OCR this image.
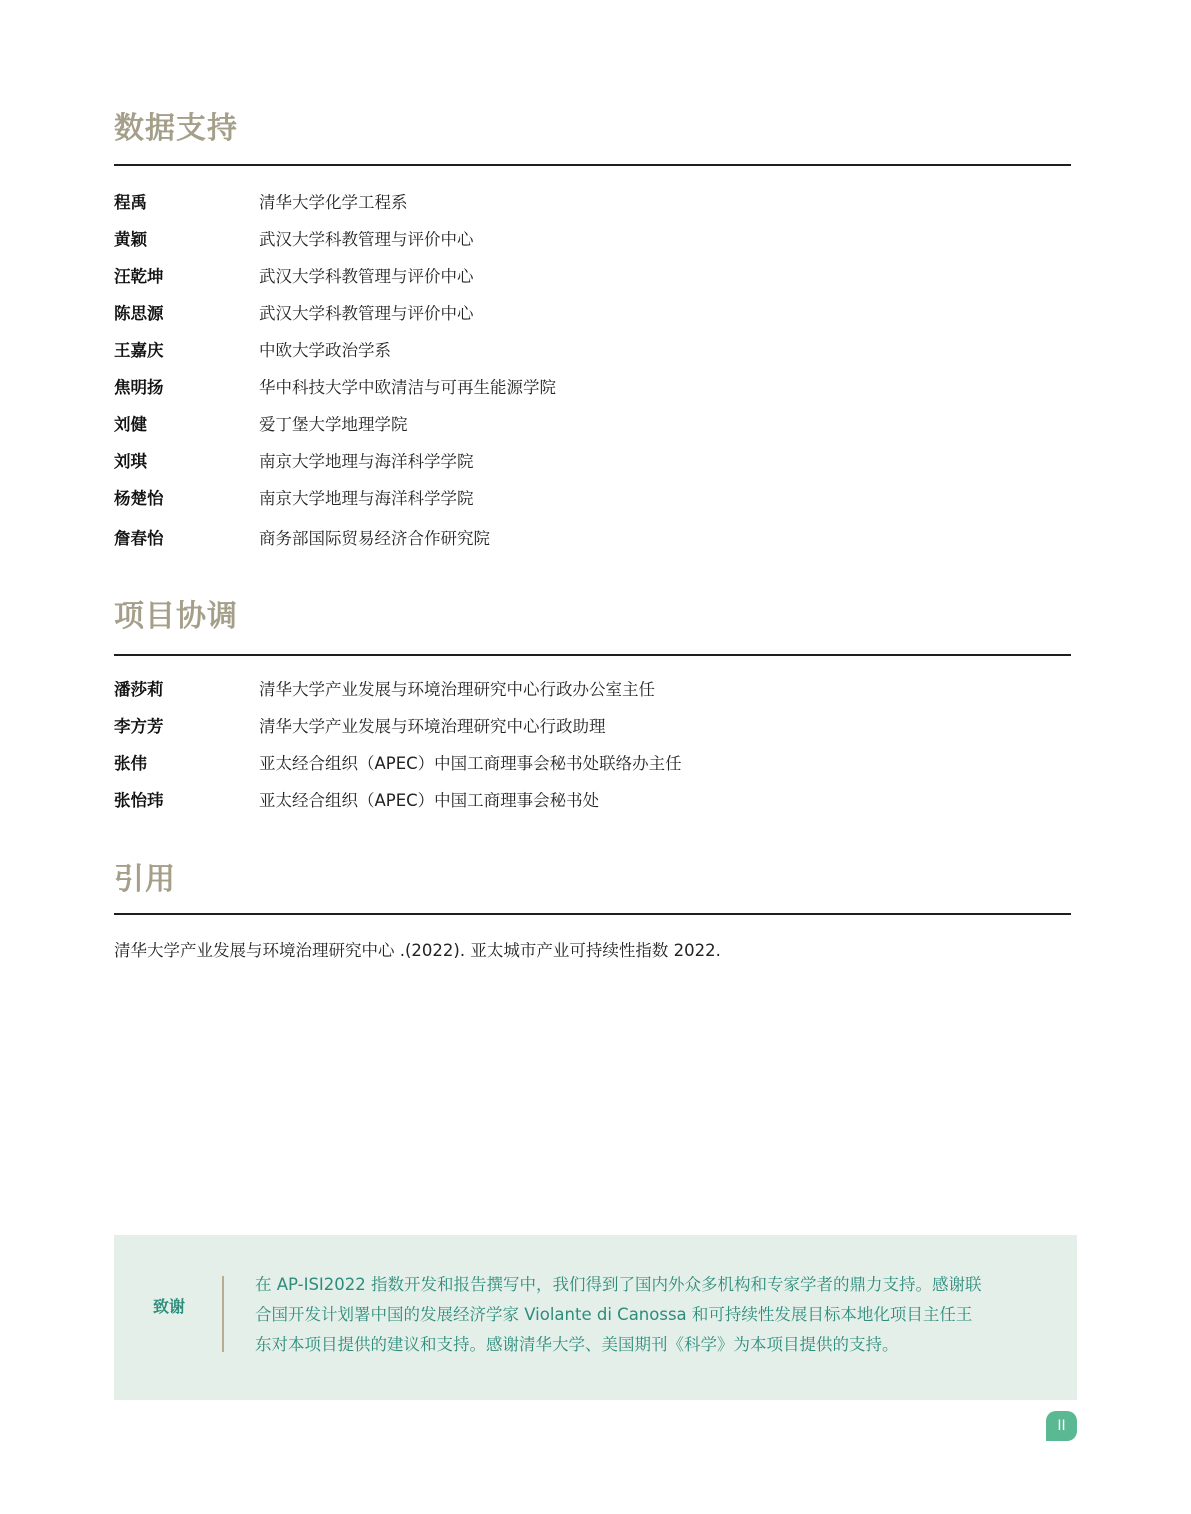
数据支持
程禹	清华大学化学工程系
黄颖	武汉大学科教管理与评价中心
汪乾坤	武汉大学科教管理与评价中心
陈思源	武汉大学科教管理与评价中心
王嘉庆	中欧大学政治学系
焦明扬	华中科技大学中欧清洁与可再生能源学院
刘健	爱丁堡大学地理学院
刘琪	南京大学地理与海洋科学学院
杨楚怡	南京大学地理与海洋科学学院
詹春怡	商务部国际贸易经济合作研究院
项目协调
潘莎莉	清华大学产业发展与环境治理研究中心行政办公室主任
李方芳	清华大学产业发展与环境治理研究中心行政助理
张伟	亚太经合组织（APEC）中国工商理事会秘书处联络办主任
张怡玮	亚太经合组织（APEC）中国工商理事会秘书处
引用
清华大学产业发展与环境治理研究中心 .(2022). 亚太城市产业可持续性指数 2022.
致谢
在 AP-ISI2022 指数开发和报告撰写中，我们得到了国内外众多机构和专家学者的鼎力支持。感谢联
合国开发计划署中国的发展经济学家 Violante di Canossa 和可持续性发展目标本地化项目主任王
东对本项目提供的建议和支持。感谢清华大学、美国期刊《科学》为本项目提供的支持。
II
